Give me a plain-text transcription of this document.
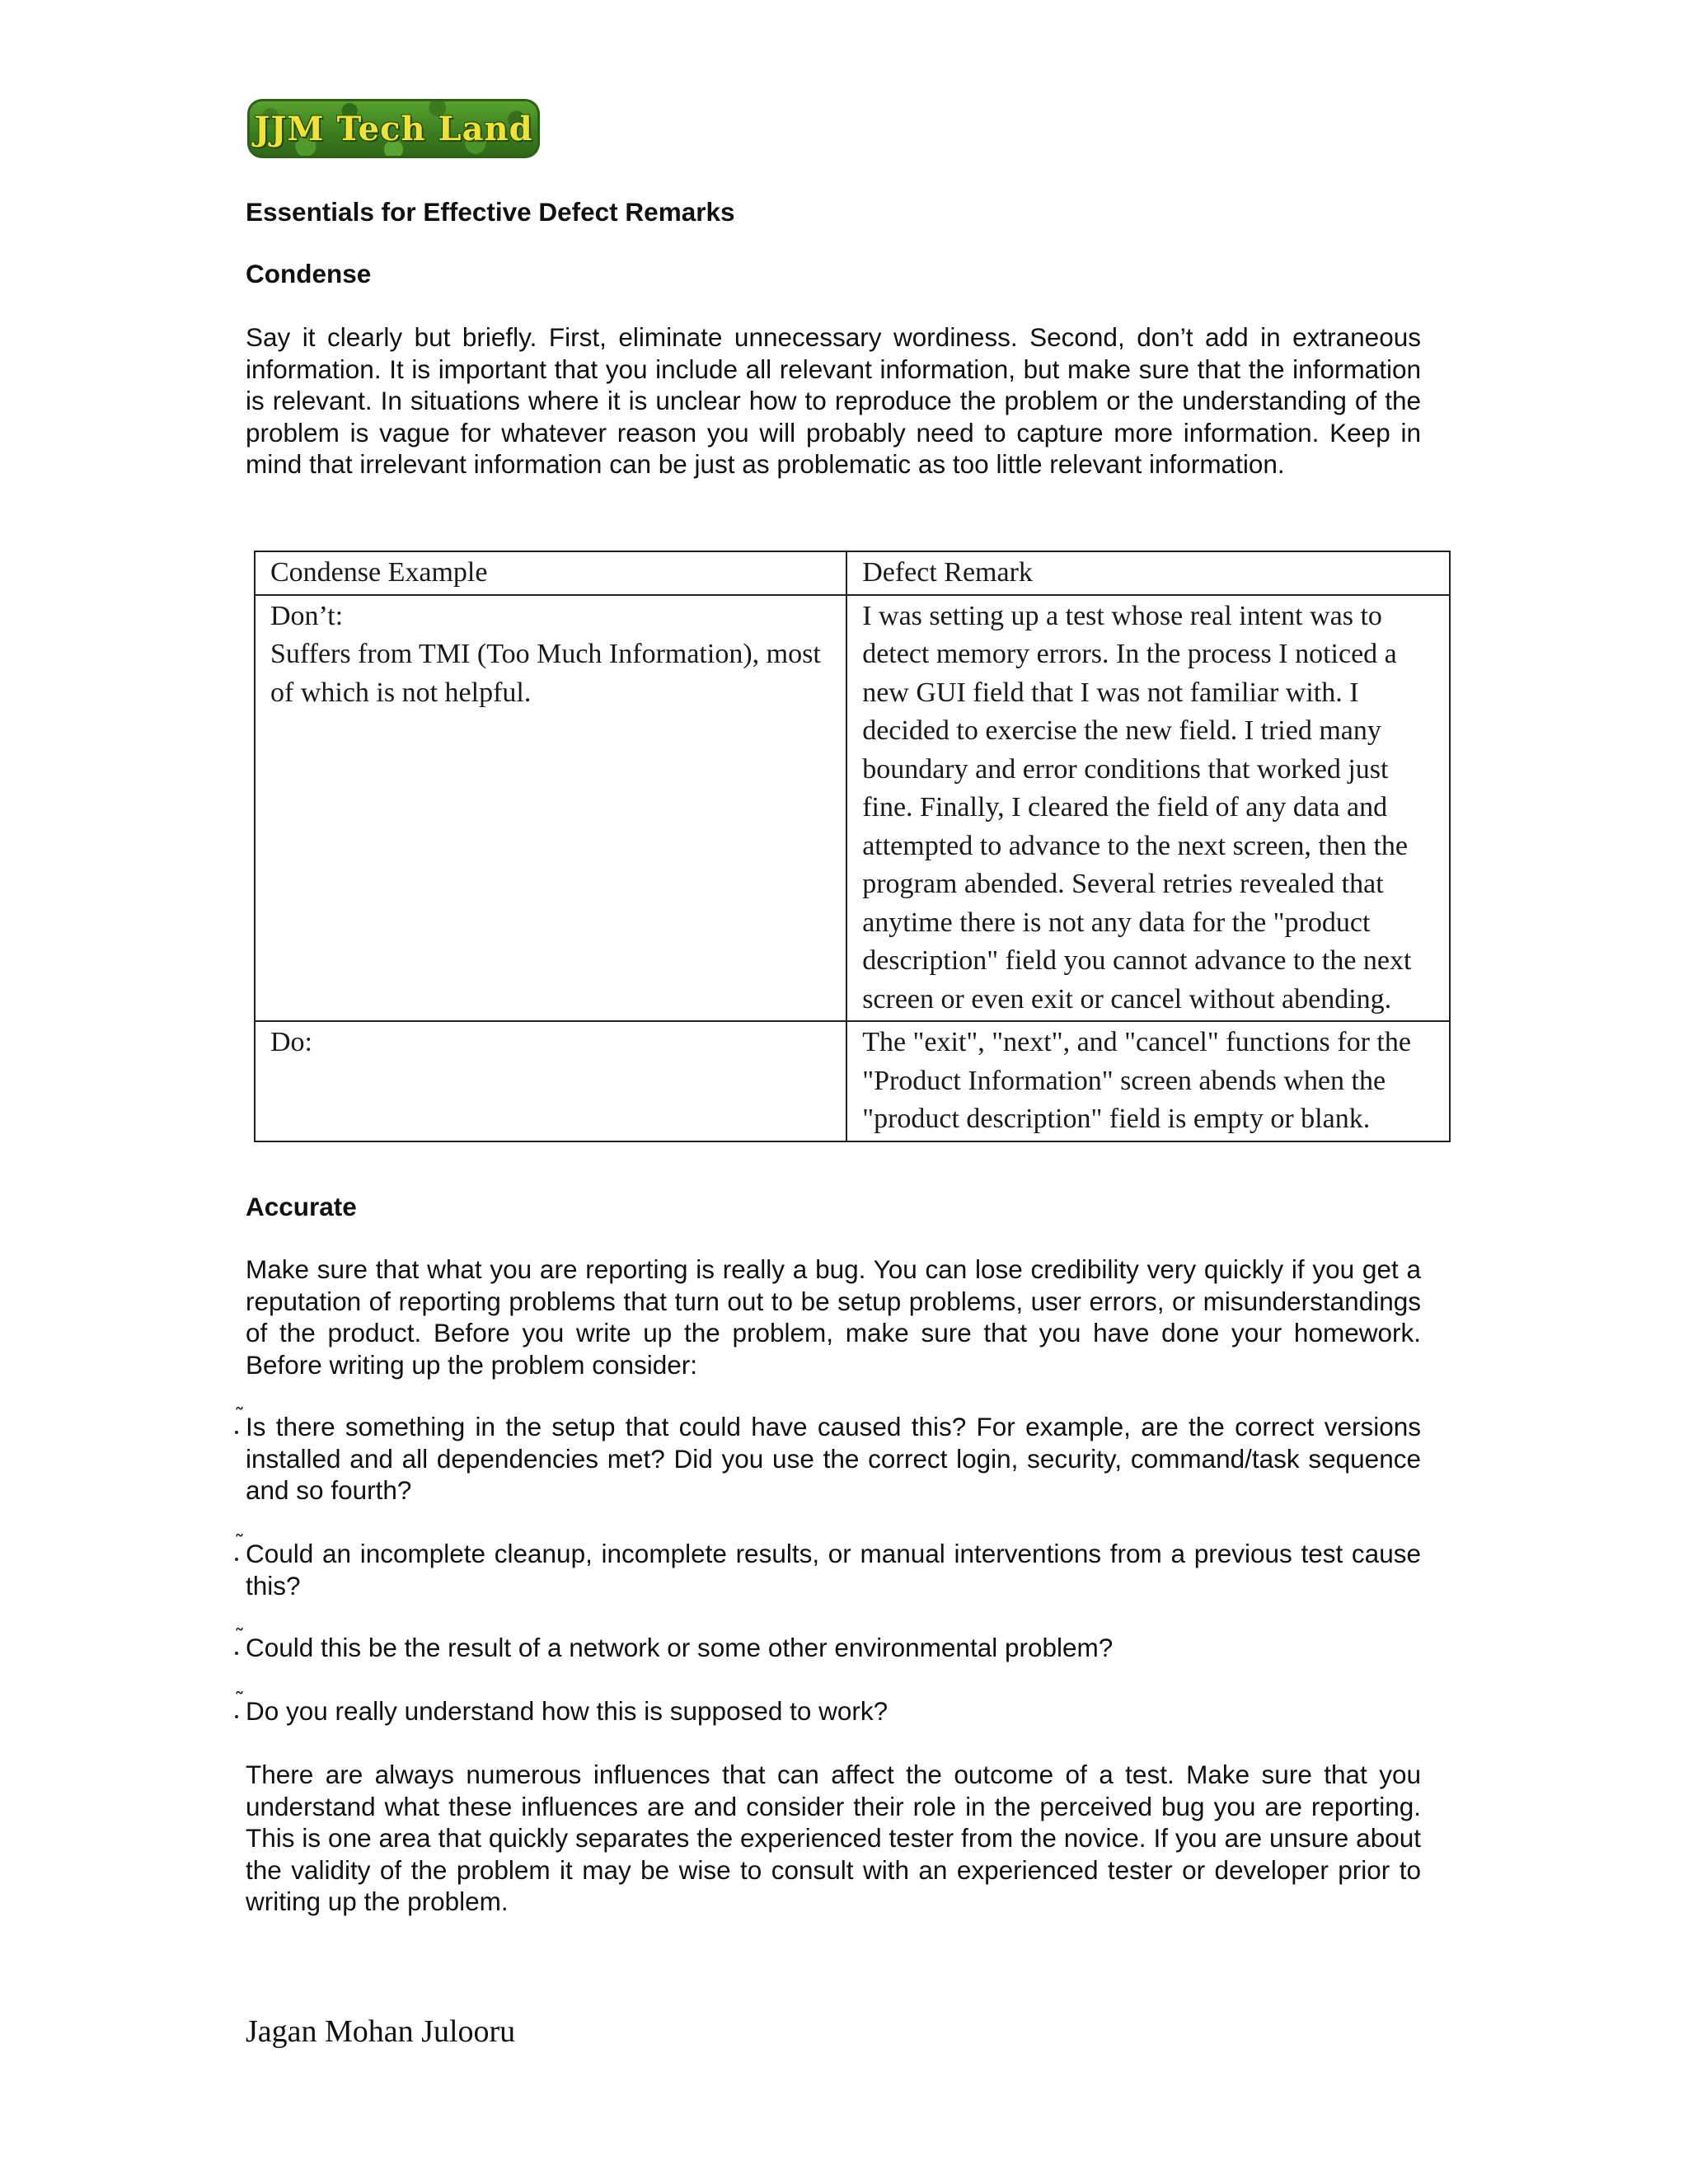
JJM Tech Land
Essentials for Effective Defect Remarks
Condense
Say it clearly but briefly. First, eliminate unnecessary wordiness. Second, don’t add in extraneous information. It is important that you include all relevant information, but make sure that the information is relevant. In situations where it is unclear how to reproduce the problem or the understanding of the problem is vague for whatever reason you will probably need to capture more information. Keep in mind that irrelevant information can be just as problematic as too little relevant information.
Condense Example	Defect Remark

Don’t:
Suffers from TMI (Too Much Information), most of which is not helpful.	I was setting up a test whose real intent was to detect memory errors. In the process I noticed a new GUI field that I was not familiar with. I decided to exercise the new field. I tried many boundary and error conditions that worked just fine. Finally, I cleared the field of any data and attempted to advance to the next screen, then the program abended. Several retries revealed that anytime there is not any data for the "product description" field you cannot advance to the next screen or even exit or cancel without abending.

Do:	The "exit", "next", and "cancel" functions for the "Product Information" screen abends when the "product description" field is empty or blank.
Accurate
Make sure that what you are reporting is really a bug. You can lose credibility very quickly if you get a reputation of reporting problems that turn out to be setup problems, user errors, or misunderstandings of the product. Before you write up the problem, make sure that you have done your homework. Before writing up the problem consider:
˜
Is there something in the setup that could have caused this? For example, are the correct versions installed and all dependencies met? Did you use the correct login, security, command/task sequence and so fourth?
˜
Could an incomplete cleanup, incomplete results, or manual interventions from a previous test cause this?
˜
Could this be the result of a network or some other environmental problem?
˜
Do you really understand how this is supposed to work?
There are always numerous influences that can affect the outcome of a test. Make sure that you understand what these influences are and consider their role in the perceived bug you are reporting. This is one area that quickly separates the experienced tester from the novice. If you are unsure about the validity of the problem it may be wise to consult with an experienced tester or developer prior to writing up the problem.
Jagan Mohan Julooru
